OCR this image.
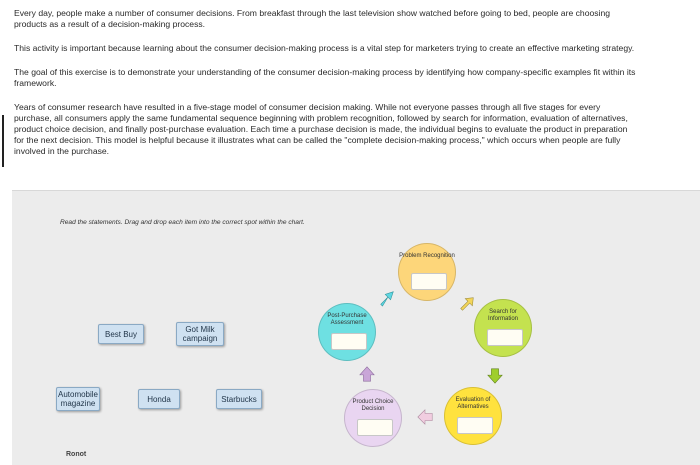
Every day, people make a number of consumer decisions. From breakfast through the last television show watched before going to bed, people are choosing products as a result of a decision-making process.

This activity is important because learning about the consumer decision-making process is a vital step for marketers trying to create an effective marketing strategy.

The goal of this exercise is to demonstrate your understanding of the consumer decision-making process by identifying how company-specific examples fit within its framework.

Years of consumer research have resulted in a five-stage model of consumer decision making. While not everyone passes through all five stages for every purchase, all consumers apply the same fundamental sequence beginning with problem recognition, followed by search for information, evaluation of alternatives, product choice decision, and finally post-purchase evaluation. Each time a purchase decision is made, the individual begins to evaluate the product in preparation for the next decision. This model is helpful because it illustrates what can be called the "complete decision-making process," which occurs when people are fully involved in the purchase.

Read the statements. Drag and drop each item into the correct spot within the chart.
Best Buy	Got Milk campaign
Automobile magazine	Honda	Starbucks
Ronot
Problem Recognition
Search for Information
Evaluation of Alternatives
Product Choice Decision
Post-Purchase Assessment
